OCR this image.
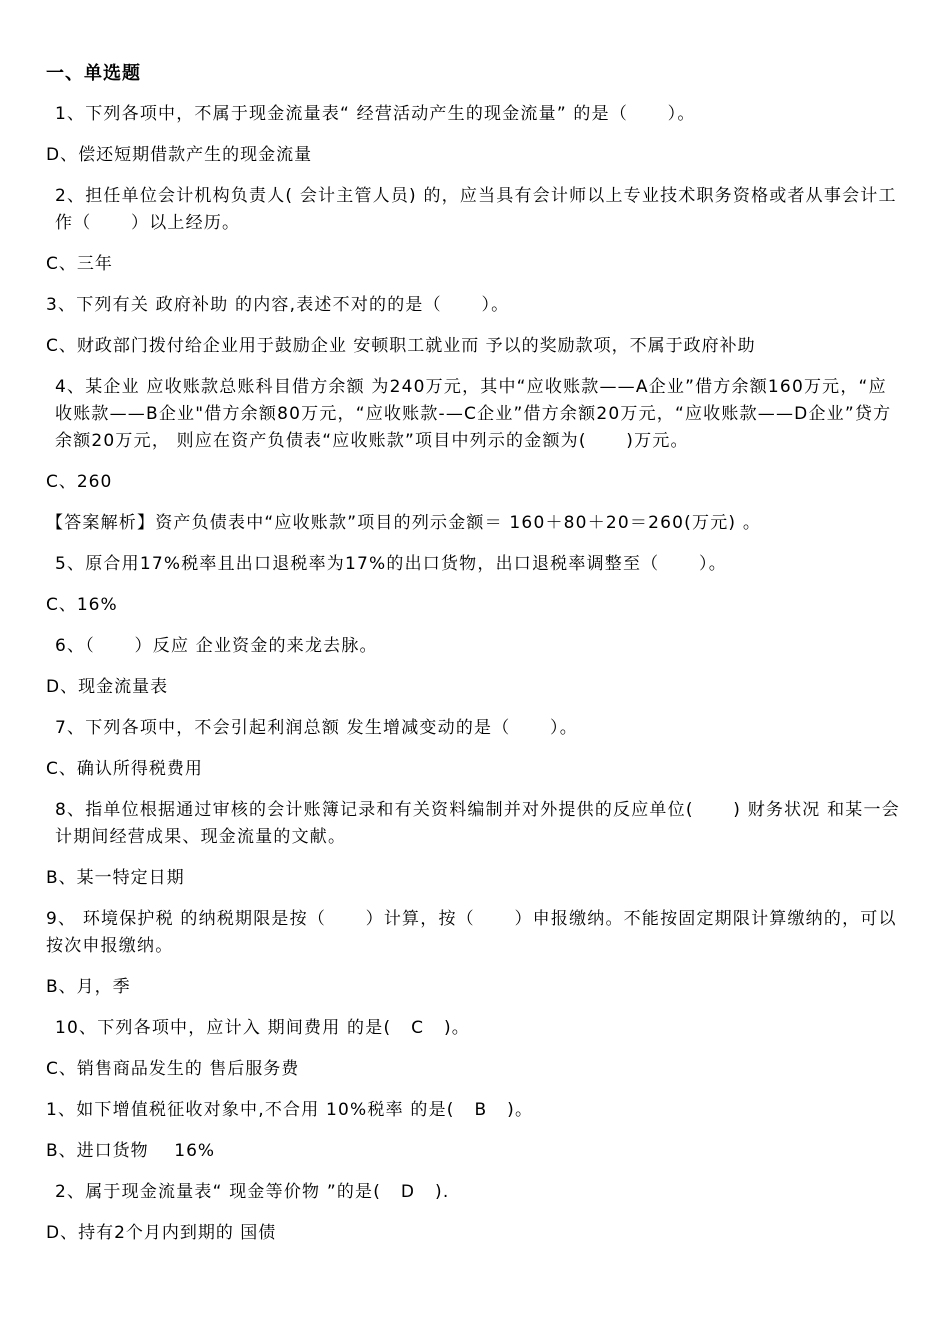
一、单选题
1、下列各项中，不属于现金流量表“ 经营活动产生的现金流量” 的是（      ）。
D、偿还短期借款产生的现金流量
2、担任单位会计机构负责人( 会计主管人员) 的，应当具有会计师以上专业技术职务资格或者从事会计工作（      ）以上经历。
C、三年
3、下列有关 政府补助 的内容,表述不对的的是（      ）。
C、财政部门拨付给企业用于鼓励企业 安顿职工就业而 予以的奖励款项，不属于政府补助
4、某企业 应收账款总账科目借方余额 为240万元，其中“应收账款——A企业”借方余额160万元，“应收账款——B企业"借方余额80万元，“应收账款-—C企业”借方余额20万元，“应收账款——D企业”贷方余额20万元， 则应在资产负债表“应收账款”项目中列示的金额为(      )万元。
C、260
【答案解析】资产负债表中“应收账款”项目的列示金额＝ 160＋80＋20＝260(万元) 。
5、原合用17%税率且出口退税率为17%的出口货物，出口退税率调整至（      ）。
C、16%
6、（      ）反应 企业资金的来龙去脉。
D、现金流量表
7、下列各项中，不会引起利润总额 发生增减变动的是（      ）。
C、确认所得税费用
8、指单位根据通过审核的会计账簿记录和有关资料编制并对外提供的反应单位(      ) 财务状况 和某一会计期间经营成果、现金流量的文献。
B、某一特定日期
9、 环境保护税 的纳税期限是按（      ）计算，按（      ）申报缴纳。不能按固定期限计算缴纳的，可以按次申报缴纳。
B、月，季
10、下列各项中，应计入 期间费用 的是(   C   )。
C、销售商品发生的 售后服务费
1、如下增值税征收对象中,不合用 10%税率 的是(   B   )。
B、进口货物    16%
2、属于现金流量表“ 现金等价物 ”的是(   D   ).
D、持有2个月内到期的 国债
